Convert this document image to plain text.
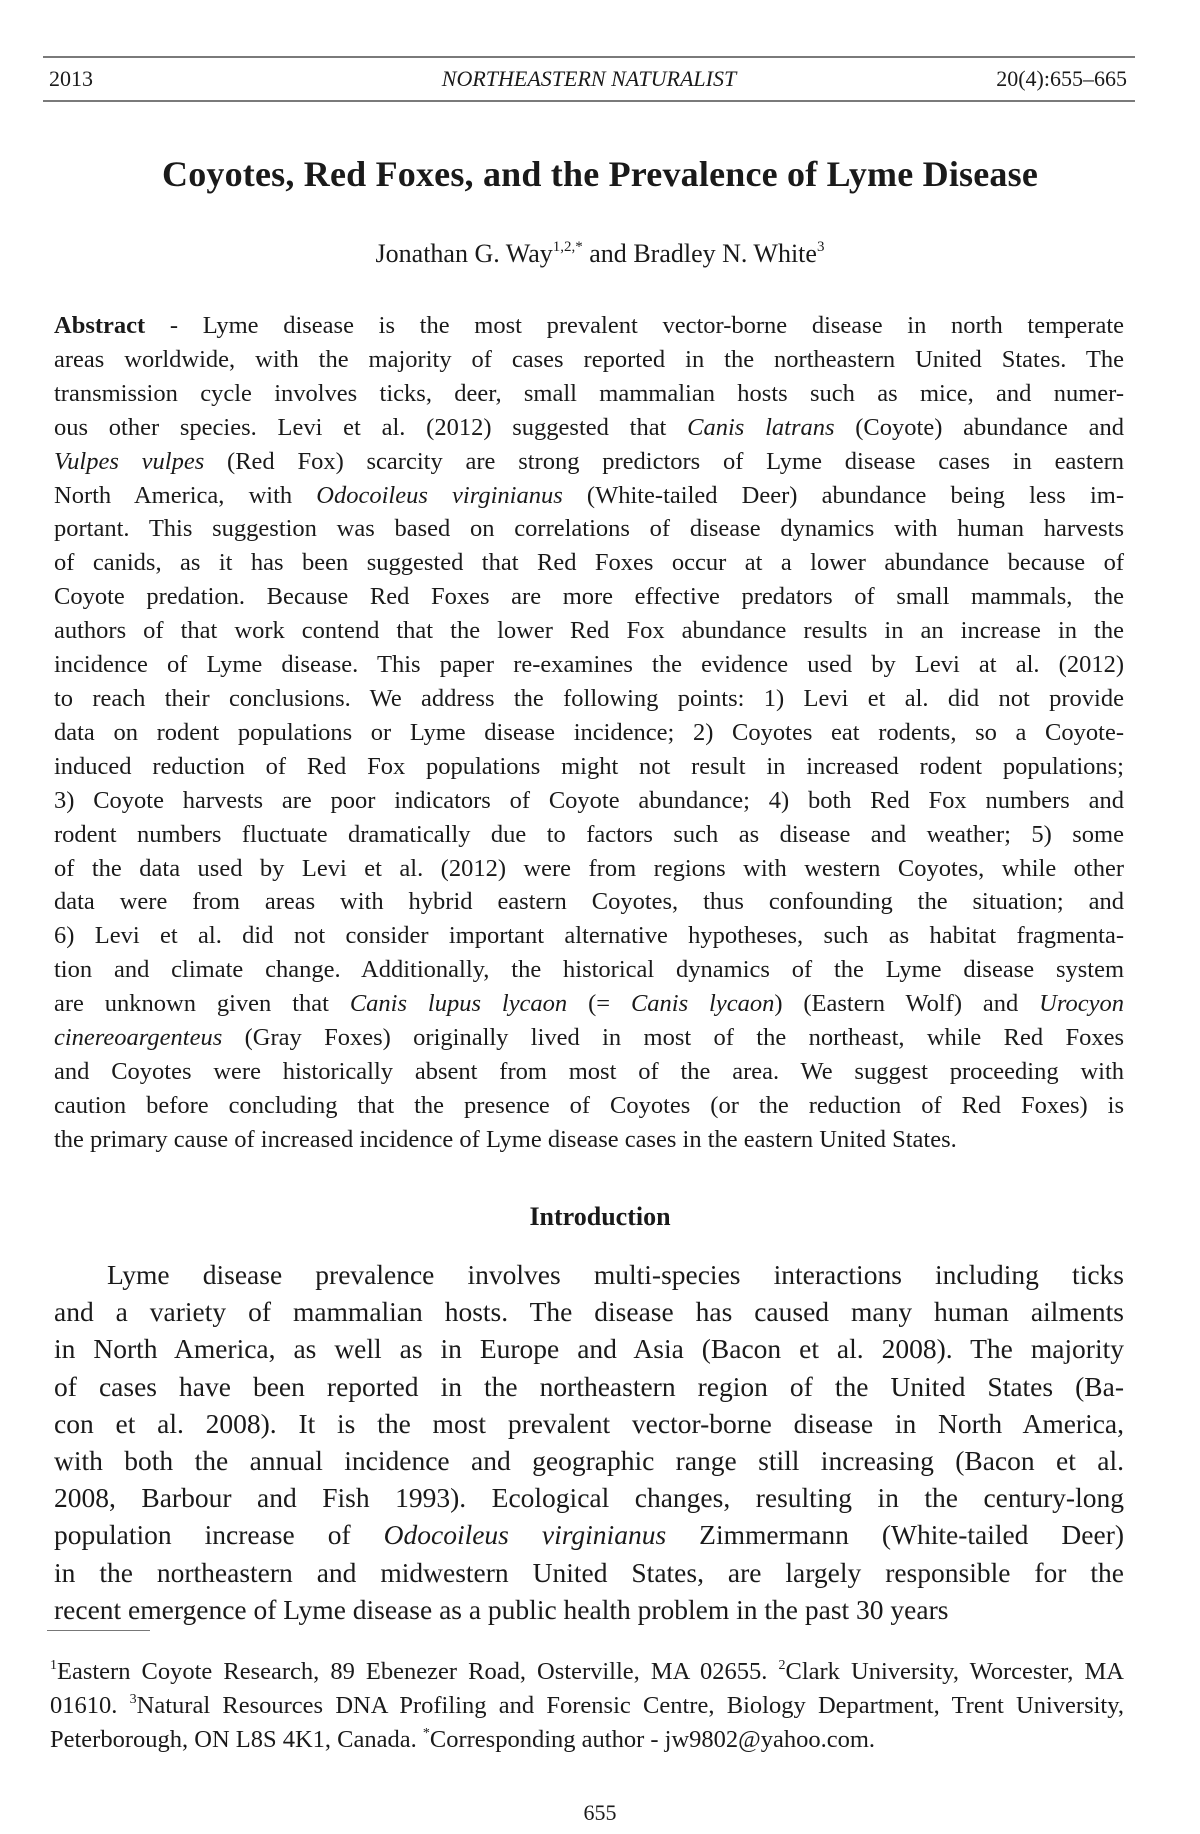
2013	NORTHEASTERN NATURALIST	20(4):655–665
Coyotes, Red Foxes, and the Prevalence of Lyme Disease
Jonathan G. Way$^{1,2,*}$ and Bradley N. White$^3$
Abstract - Lyme disease is the most prevalent vector-borne disease in north temperate
areas worldwide, with the majority of cases reported in the northeastern United States. The
transmission cycle involves ticks, deer, small mammalian hosts such as mice, and numer-
ous other species. Levi et al. (2012) suggested that Canis latrans (Coyote) abundance and
Vulpes vulpes (Red Fox) scarcity are strong predictors of Lyme disease cases in eastern
North America, with Odocoileus virginianus (White-tailed Deer) abundance being less im-
portant. This suggestion was based on correlations of disease dynamics with human harvests
of canids, as it has been suggested that Red Foxes occur at a lower abundance because of
Coyote predation. Because Red Foxes are more effective predators of small mammals, the
authors of that work contend that the lower Red Fox abundance results in an increase in the
incidence of Lyme disease. This paper re-examines the evidence used by Levi at al. (2012)
to reach their conclusions. We address the following points: 1) Levi et al. did not provide
data on rodent populations or Lyme disease incidence; 2) Coyotes eat rodents, so a Coyote-
induced reduction of Red Fox populations might not result in increased rodent populations;
3) Coyote harvests are poor indicators of Coyote abundance; 4) both Red Fox numbers and
rodent numbers fluctuate dramatically due to factors such as disease and weather; 5) some
of the data used by Levi et al. (2012) were from regions with western Coyotes, while other
data were from areas with hybrid eastern Coyotes, thus confounding the situation; and
6) Levi et al. did not consider important alternative hypotheses, such as habitat fragmenta-
tion and climate change. Additionally, the historical dynamics of the Lyme disease system
are unknown given that Canis lupus lycaon (= Canis lycaon) (Eastern Wolf) and Urocyon
cinereoargenteus (Gray Foxes) originally lived in most of the northeast, while Red Foxes
and Coyotes were historically absent from most of the area. We suggest proceeding with
caution before concluding that the presence of Coyotes (or the reduction of Red Foxes) is
the primary cause of increased incidence of Lyme disease cases in the eastern United States.
Introduction
Lyme disease prevalence involves multi-species interactions including ticks
and a variety of mammalian hosts. The disease has caused many human ailments
in North America, as well as in Europe and Asia (Bacon et al. 2008). The majority
of cases have been reported in the northeastern region of the United States (Ba-
con et al. 2008). It is the most prevalent vector-borne disease in North America,
with both the annual incidence and geographic range still increasing (Bacon et al.
2008, Barbour and Fish 1993). Ecological changes, resulting in the century-long
population increase of Odocoileus virginianus Zimmermann (White-tailed Deer)
in the northeastern and midwestern United States, are largely responsible for the
recent emergence of Lyme disease as a public health problem in the past 30 years
$^1$Eastern Coyote Research, 89 Ebenezer Road, Osterville, MA 02655. $^2$Clark University, Worcester, MA 01610. $^3$Natural Resources DNA Profiling and Forensic Centre, Biology Department, Trent University, Peterborough, ON L8S 4K1, Canada. *Corresponding author - jw9802@yahoo.com.
655
